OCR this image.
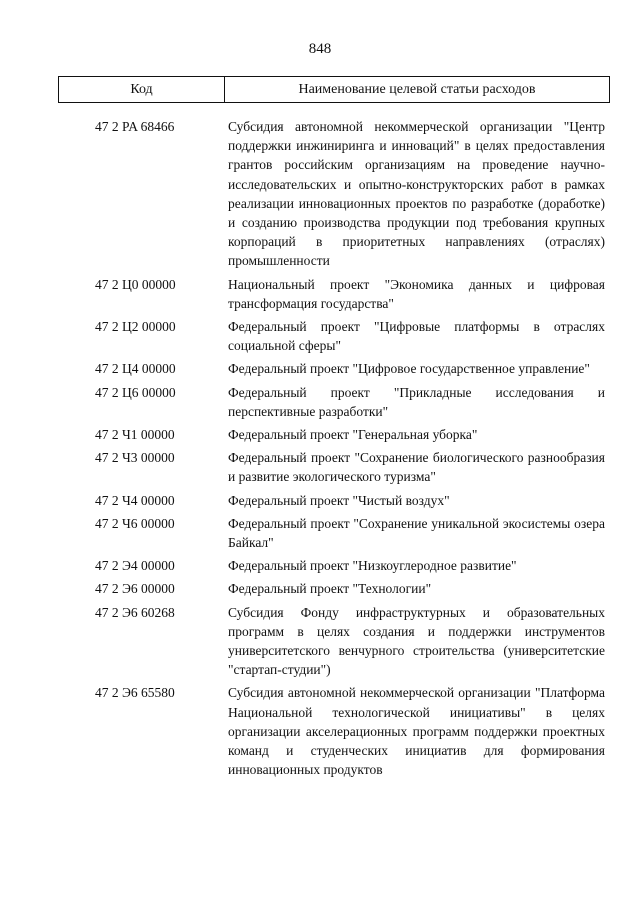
848
Код	Наименование целевой статьи расходов
47 2 PA 68466	Субсидия автономной некоммерческой организации "Центр поддержки инжиниринга и инноваций" в целях предоставления грантов российским организациям на проведение научно-исследовательских и опытно-конструкторских работ в рамках реализации инновационных проектов по разработке (доработке) и созданию производства продукции под требования крупных корпораций в приоритетных направлениях (отраслях) промышленности
47 2 Ц0 00000	Национальный проект "Экономика данных и цифровая трансформация государства"
47 2 Ц2 00000	Федеральный проект "Цифровые платформы в отраслях социальной сферы"
47 2 Ц4 00000	Федеральный проект "Цифровое государственное управление"
47 2 Ц6 00000	Федеральный проект "Прикладные исследования и перспективные разработки"
47 2 Ч1 00000	Федеральный проект "Генеральная уборка"
47 2 Ч3 00000	Федеральный проект "Сохранение биологического разнообразия и развитие экологического туризма"
47 2 Ч4 00000	Федеральный проект "Чистый воздух"
47 2 Ч6 00000	Федеральный проект "Сохранение уникальной экосистемы озера Байкал"
47 2 Э4 00000	Федеральный проект "Низкоуглеродное развитие"
47 2 Э6 00000	Федеральный проект "Технологии"
47 2 Э6 60268	Субсидия Фонду инфраструктурных и образовательных программ в целях создания и поддержки инструментов университетского венчурного строительства (университетские "стартап-студии")
47 2 Э6 65580	Субсидия автономной некоммерческой организации "Платформа Национальной технологической инициативы" в целях организации акселерационных программ поддержки проектных команд и студенческих инициатив для формирования инновационных продуктов
